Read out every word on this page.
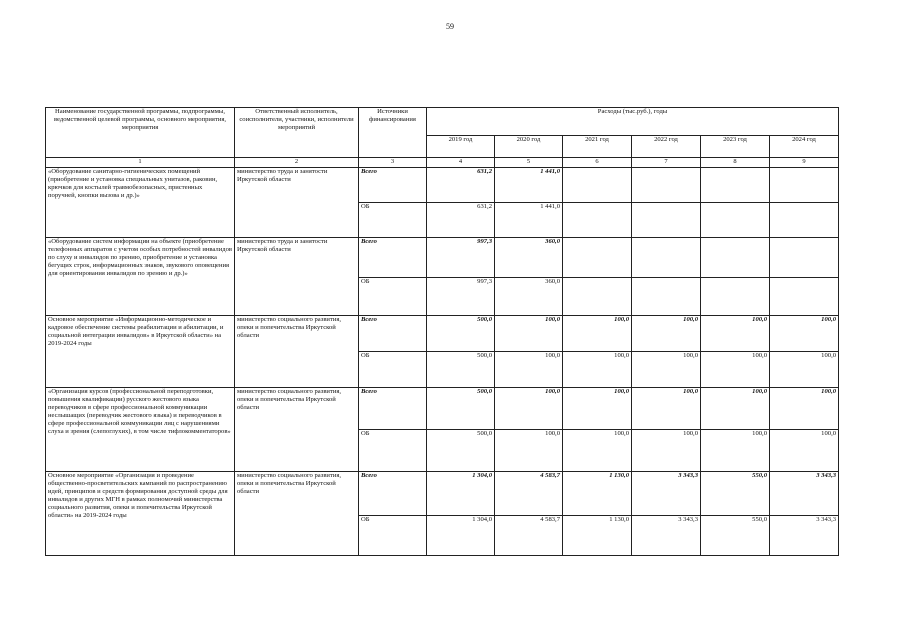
59
Наименование государственной программы, подпрограммы, ведомственной целевой программы, основного мероприятия, мероприятия	Ответственный исполнитель, соисполнители, участники, исполнители мероприятий	Источники финансирования	Расходы (тыс.руб.), годы					
			2019 год	2020 год	2021 год	2022 год	2023 год	2024 год
1	2	3	4	5	6	7	8	9
«Оборудование санитарно-гигиенических помещений (приобретение и установка специальных унитазов, раковин, крючков для костылей травмобезопасных, пристенных поручней, кнопки вызова и др.)»	министерство труда и занятости Иркутской области	Всего	631,2	1 441,0				
		ОБ	631,2	1 441,0				
«Оборудование систем информации на объекте (приобретение телефонных аппаратов с учетом особых потребностей инвалидов по слуху и инвалидов по зрению, приобретение и установка бегущих строк, информационных знаков, звукового оповещения для ориентирования инвалидов по зрению и др.)»	министерство труда и занятости Иркутской области	Всего	997,3	360,0				
		ОБ	997,3	360,0				
Основное мероприятие «Информационно-методическое и кадровое обеспечение системы реабилитации и абилитации, и социальной интеграции инвалидов» в Иркутской области» на 2019-2024 годы	министерство социального развития, опеки и попечительства Иркутской области	Всего	500,0	100,0	100,0	100,0	100,0	100,0
		ОБ	500,0	100,0	100,0	100,0	100,0	100,0
«Организация курсов (профессиональной переподготовки, повышения квалификации) русского жестового языка переводчиков в сфере профессиональной коммуникации неслышащих (переводчик жестового языка) и переводчиков в сфере профессиональной коммуникации лиц с нарушениями слуха и зрения (слепоглухих), в том числе тифлокомментаторов»	министерство социального развития, опеки и попечительства Иркутской области	Всего	500,0	100,0	100,0	100,0	100,0	100,0
		ОБ	500,0	100,0	100,0	100,0	100,0	100,0
Основное мероприятие «Организация и проведение общественно-просветительских кампаний по распространению идей, принципов и средств формирования доступной среды для инвалидов и других МГН в рамках полномочий министерства социального развития, опеки и попечительства Иркутской области» на 2019-2024 годы	министерство социального развития, опеки и попечительства Иркутской области	Всего	1 304,0	4 583,7	1 130,0	3 343,3	550,0	3 343,3
		ОБ	1 304,0	4 583,7	1 130,0	3 343,3	550,0	3 343,3
